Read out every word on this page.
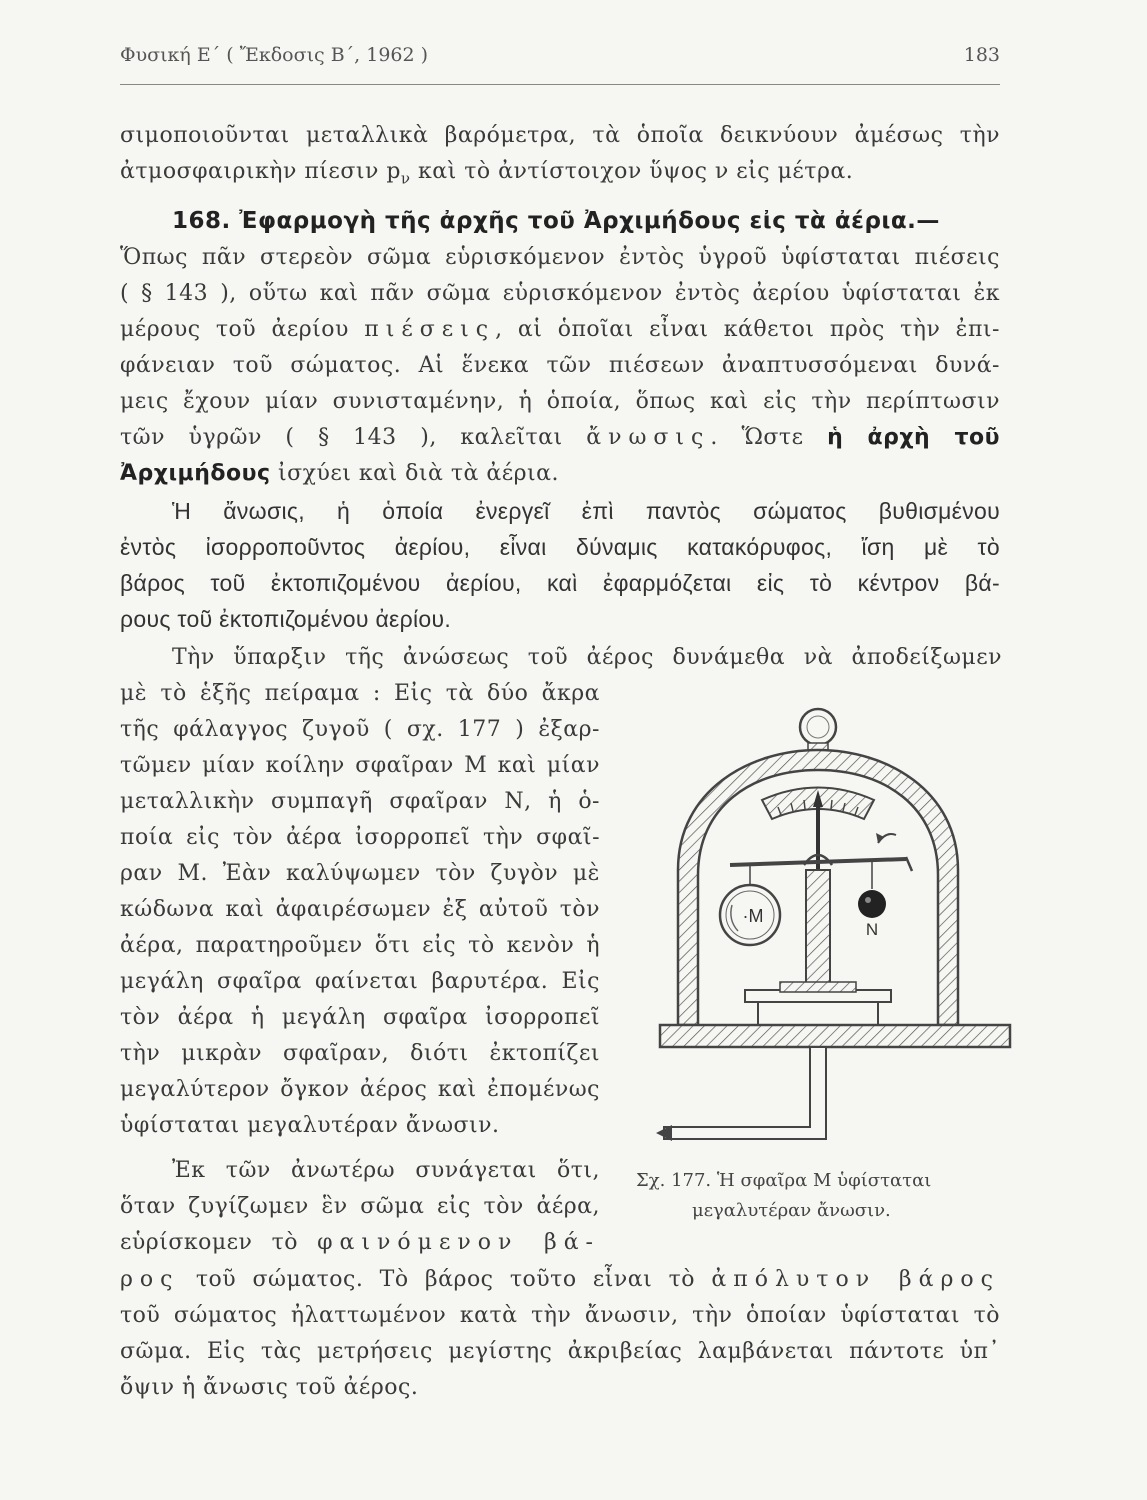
Φυσική Ε΄ ( Ἔκδοσις Β΄, 1962 )	183
σιμοποιοῦνται μεταλλικὰ βαρόμετρα, τὰ ὁποῖα δεικνύουν ἀμέσως τὴν
ἀτμοσφαιρικὴν πίεσιν $p_\nu$ καὶ τὸ ἀντίστοιχον ὕψος ν εἰς μέτρα.
168. Ἐφαρμογὴ τῆς ἀρχῆς τοῦ Ἀρχιμήδους εἰς τὰ ἀέρια.—
Ὅπως πᾶν στερεὸν σῶμα εὑρισκόμενον ἐντὸς ὑγροῦ ὑφίσταται πιέσεις
( § 143 ), οὕτω καὶ πᾶν σῶμα εὑρισκόμενον ἐντὸς ἀερίου ὑφίσταται ἐκ
μέρους τοῦ ἀερίου πιέσεις, αἱ ὁποῖαι εἶναι κάθετοι πρὸς τὴν ἐπι-
φάνειαν τοῦ σώματος. Αἱ ἕνεκα τῶν πιέσεων ἀναπτυσσόμεναι δυνά-
μεις ἔχουν μίαν συνισταμένην, ἡ ὁποία, ὅπως καὶ εἰς τὴν περίπτωσιν
τῶν ὑγρῶν ( § 143 ), καλεῖται ἄνωσις. Ὥστε ἡ ἀρχὴ τοῦ
Ἀρχιμήδους ἰσχύει καὶ διὰ τὰ ἀέρια.
Ἡ ἄνωσις, ἡ ὁποία ἐνεργεῖ ἐπὶ παντὸς σώματος βυθισμένου
ἐντὸς ἰσορροποῦντος ἀερίου, εἶναι δύναμις κατακόρυφος, ἴση μὲ τὸ
βάρος τοῦ ἐκτοπιζομένου ἀερίου, καὶ ἐφαρμόζεται εἰς τὸ κέντρον βά-
ρους τοῦ ἐκτοπιζομένου ἀερίου.
Τὴν ὕπαρξιν τῆς ἀνώσεως τοῦ ἀέρος δυνάμεθα νὰ ἀποδείξωμεν
μὲ τὸ ἑξῆς πείραμα : Εἰς τὰ δύο ἄκρα
τῆς φάλαγγος ζυγοῦ ( σχ. 177 ) ἐξαρ-
τῶμεν μίαν κοίλην σφαῖραν Μ καὶ μίαν
μεταλλικὴν συμπαγῆ σφαῖραν Ν, ἡ ὁ-
ποία εἰς τὸν ἀέρα ἰσορροπεῖ τὴν σφαῖ-
ραν Μ. Ἐὰν καλύψωμεν τὸν ζυγὸν μὲ
κώδωνα καὶ ἀφαιρέσωμεν ἐξ αὐτοῦ τὸν
ἀέρα, παρατηροῦμεν ὅτι εἰς τὸ κενὸν ἡ
μεγάλη σφαῖρα φαίνεται βαρυτέρα. Εἰς
τὸν ἀέρα ἡ μεγάλη σφαῖρα ἰσορροπεῖ
τὴν μικρὰν σφαῖραν, διότι ἐκτοπίζει
μεγαλύτερον ὄγκον ἀέρος καὶ ἐπομένως
ὑφίσταται μεγαλυτέραν ἄνωσιν.
Ἐκ τῶν ἀνωτέρω συνάγεται ὅτι,
ὅταν ζυγίζωμεν ἓν σῶμα εἰς τὸν ἀέρα,
εὑρίσκομεν τὸ φαινόμενον βά-
ρος τοῦ σώματος. Τὸ βάρος τοῦτο εἶναι τὸ ἀπόλυτον βάρος
τοῦ σώματος ἠλαττωμένον κατὰ τὴν ἄνωσιν, τὴν ὁποίαν ὑφίσταται τὸ
σῶμα. Εἰς τὰς μετρήσεις μεγίστης ἀκριβείας λαμβάνεται πάντοτε ὑπ᾽
ὄψιν ἡ ἄνωσις τοῦ ἀέρος.
·M
N
Σχ. 177. Ἡ σφαῖρα Μ ὑφίσταται
μεγαλυτέραν ἄνωσιν.
